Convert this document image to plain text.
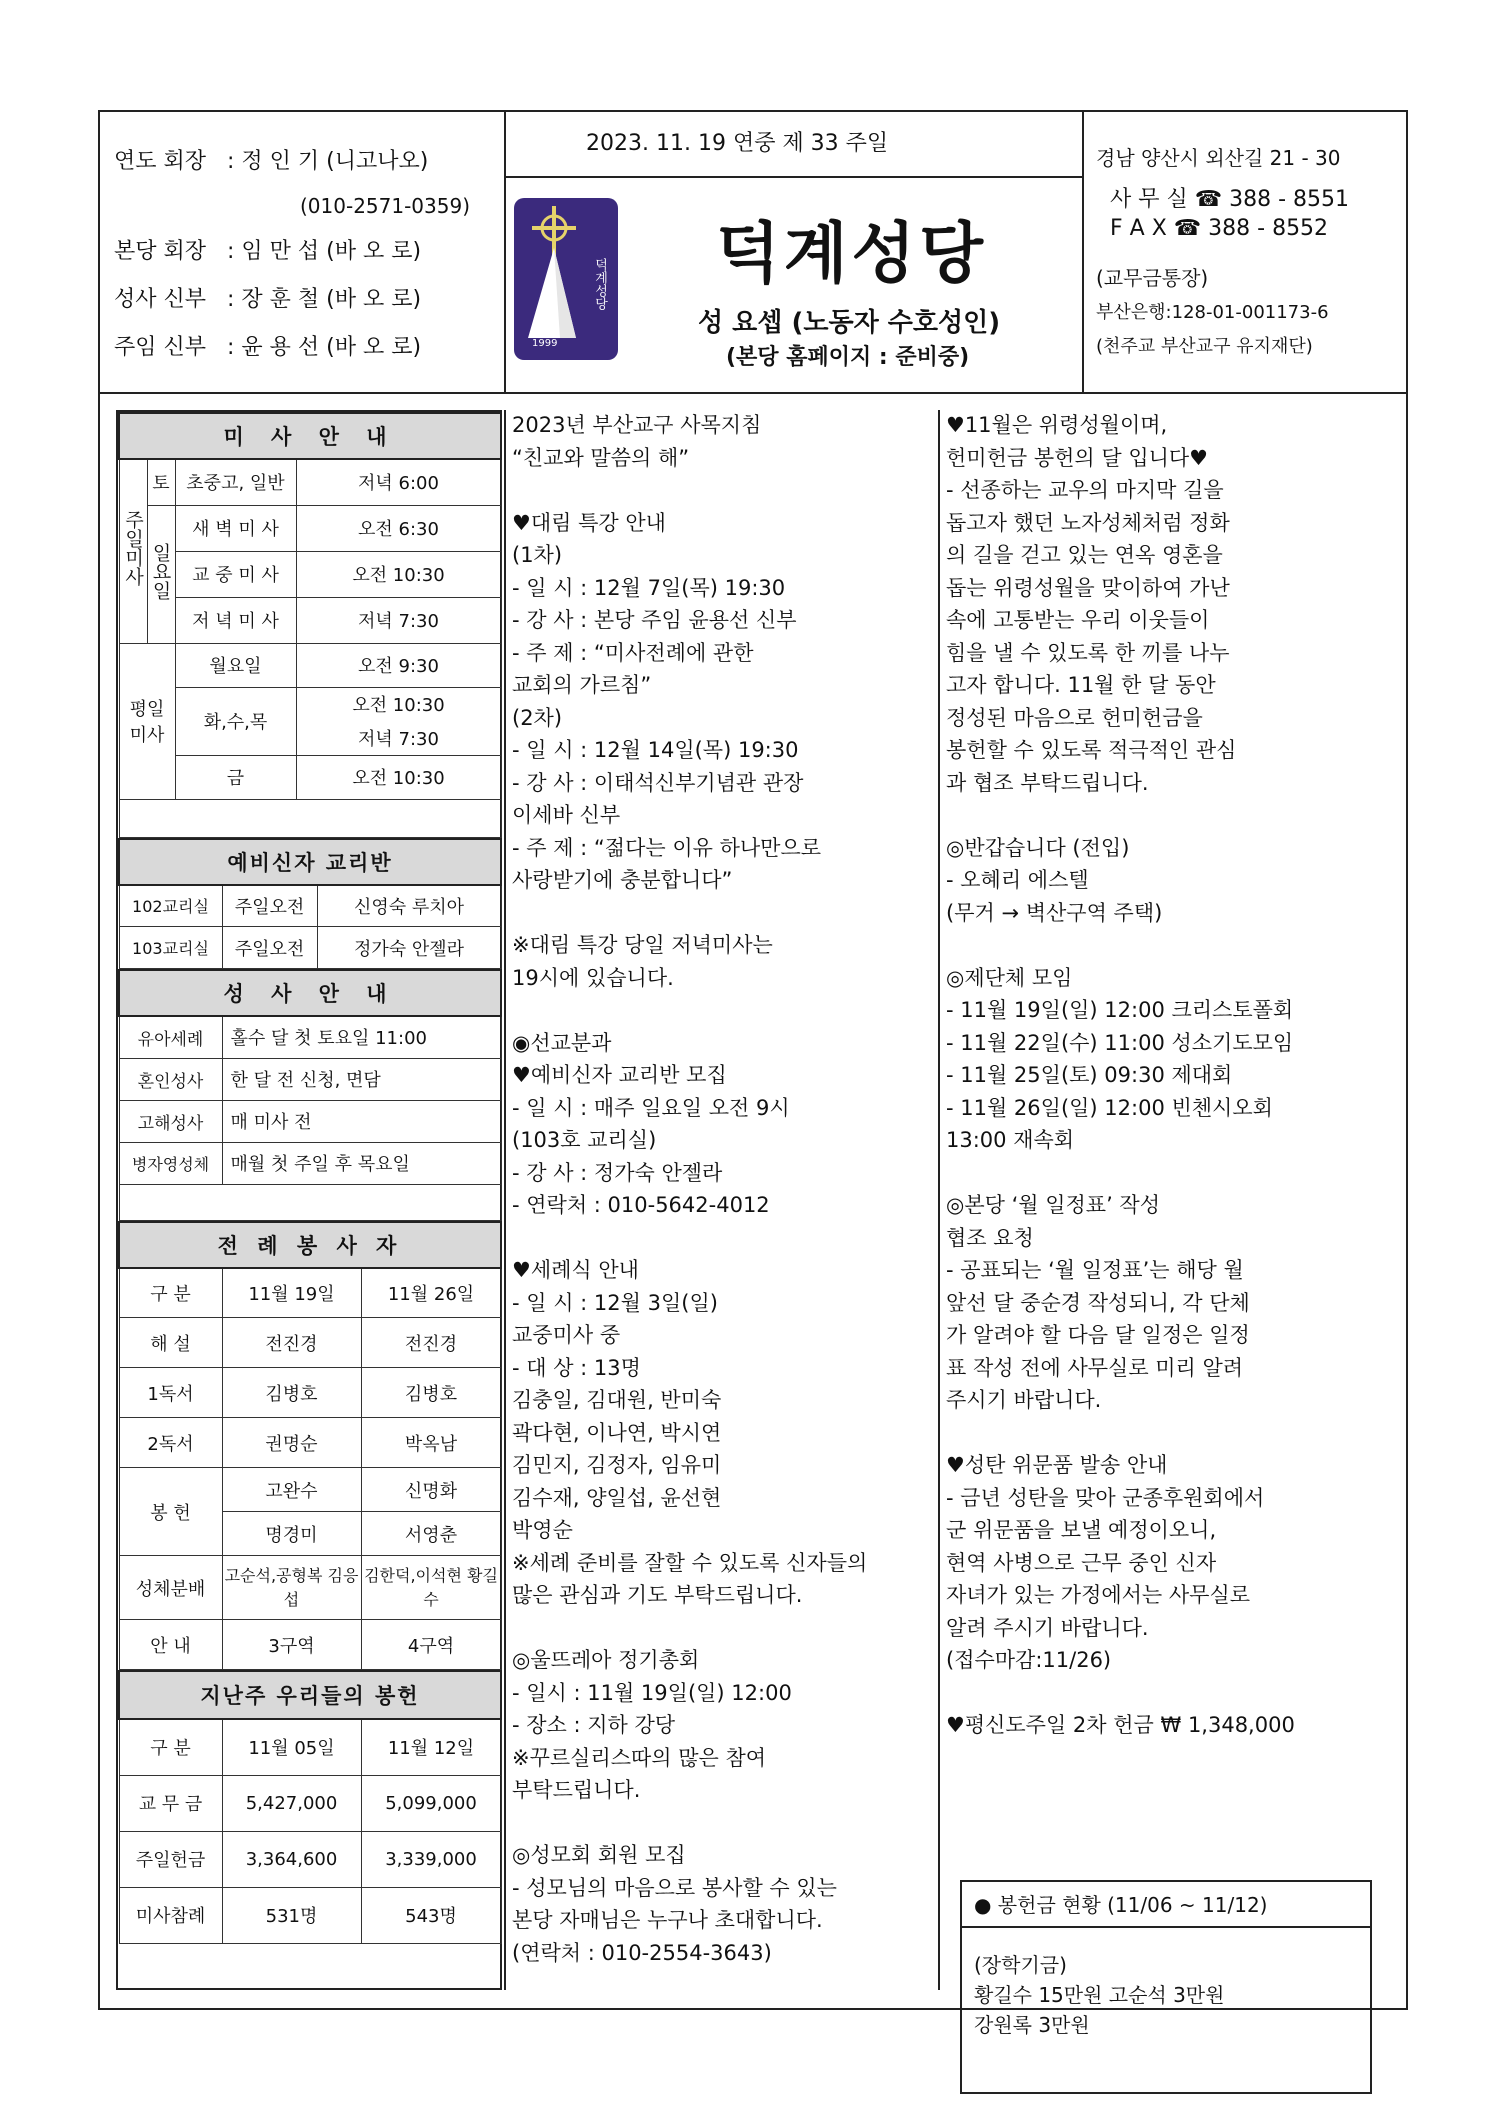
연도 회장 : 정 인 기 (니고나오)
(010-2571-0359)
본당 회장 : 임 만 섭 (바 오 로)
성사 신부 : 장 훈 철 (바 오 로)
주임 신부 : 윤 용 선 (바 오 로)
2023. 11. 19 연중 제 33 주일
덕계성당
성 요셉 (노동자 수호성인)
(본당 홈페이지 : 준비중)
경남 양산시 외산길 21 - 30
사 무 실 ☎ 388 - 8551
F A X ☎ 388 - 8552
(교무금통장)
부산은행:128-01-001173-6
(천주교 부산교구 유지재단)
미 사 안 내			
주일미사	토	초중고, 일반	저녁 6:00
	일요일	새 벽 미 사	오전 6:30
		교 중 미 사	오전 10:30
		저 녁 미 사	저녁 7:30
평일 미사		월요일	오전 9:30
		화,수,목	오전 10:30
			저녁 7:30
		금	오전 10:30

예비신자 교리반		
102교리실	주일오전	신영숙 루치아
103교리실	주일오전	정가숙 안젤라
성 사 안 내	
유아세례	홀수 달 첫 토요일 11:00
혼인성사	한 달 전 신청, 면담
고해성사	매 미사 전
병자영성체	매월 첫 주일 후 목요일

전 례 봉 사 자		
구 분	11월 19일	11월 26일
해 설	전진경	전진경
1독서	김병호	김병호
2독서	권명순	박옥남
봉 헌	고완수	신명화
	명경미	서영춘
성체분배	고순석,공형복 김응섭	김한덕,이석현 황길수
안 내	3구역	4구역
지난주 우리들의 봉헌		
구 분	11월 05일	11월 12일
교 무 금	5,427,000	5,099,000
주일헌금	3,364,600	3,339,000
미사참례	531명	543명
2023년 부산교구 사목지침
“친교와 말씀의 해”
♥대림 특강 안내
(1차)
- 일 시 : 12월 7일(목) 19:30
- 강 사 : 본당 주임 윤용선 신부
- 주 제 : “미사전례에 관한
교회의 가르침”
(2차)
- 일 시 : 12월 14일(목) 19:30
- 강 사 : 이태석신부기념관 관장
이세바 신부
- 주 제 : “젊다는 이유 하나만으로
사랑받기에 충분합니다”
※대림 특강 당일 저녁미사는
19시에 있습니다.
◉선교분과
♥예비신자 교리반 모집
- 일 시 : 매주 일요일 오전 9시
(103호 교리실)
- 강 사 : 정가숙 안젤라
- 연락처 : 010-5642-4012
♥세례식 안내
- 일 시 : 12월 3일(일)
교중미사 중
- 대 상 : 13명
김충일, 김대원, 반미숙
곽다현, 이나연, 박시연
김민지, 김정자, 임유미
김수재, 양일섭, 윤선현
박영순
※세례 준비를 잘할 수 있도록 신자들의
많은 관심과 기도 부탁드립니다.
◎울뜨레아 정기총회
- 일시 : 11월 19일(일) 12:00
- 장소 : 지하 강당
※꾸르실리스따의 많은 참여
부탁드립니다.
◎성모회 회원 모집
- 성모님의 마음으로 봉사할 수 있는
본당 자매님은 누구나 초대합니다.
(연락처 : 010-2554-3643)
♥11월은 위령성월이며,
헌미헌금 봉헌의 달 입니다♥
- 선종하는 교우의 마지막 길을
돕고자 했던 노자성체처럼 정화
의 길을 걷고 있는 연옥 영혼을
돕는 위령성월을 맞이하여 가난
속에 고통받는 우리 이웃들이
힘을 낼 수 있도록 한 끼를 나누
고자 합니다. 11월 한 달 동안
정성된 마음으로 헌미헌금을
봉헌할 수 있도록 적극적인 관심
과 협조 부탁드립니다.
◎반갑습니다 (전입)
- 오혜리 에스텔
(무거 → 벽산구역 주택)
◎제단체 모임
- 11월 19일(일) 12:00 크리스토폴회
- 11월 22일(수) 11:00 성소기도모임
- 11월 25일(토) 09:30 제대회
- 11월 26일(일) 12:00 빈첸시오회
13:00 재속회
◎본당 ‘월 일정표’ 작성
협조 요청
- 공표되는 ‘월 일정표’는 해당 월
앞선 달 중순경 작성되니, 각 단체
가 알려야 할 다음 달 일정은 일정
표 작성 전에 사무실로 미리 알려
주시기 바랍니다.
♥성탄 위문품 발송 안내
- 금년 성탄을 맞아 군종후원회에서
군 위문품을 보낼 예정이오니,
현역 사병으로 근무 중인 신자
자녀가 있는 가정에서는 사무실로
알려 주시기 바랍니다.
(접수마감:11/26)
♥평신도주일 2차 헌금 ₩ 1,348,000
● 봉헌금 현황 (11/06 ~ 11/12)
(장학기금)
황길수 15만원 고순석 3만원
강원록 3만원
덕계성당
1999
